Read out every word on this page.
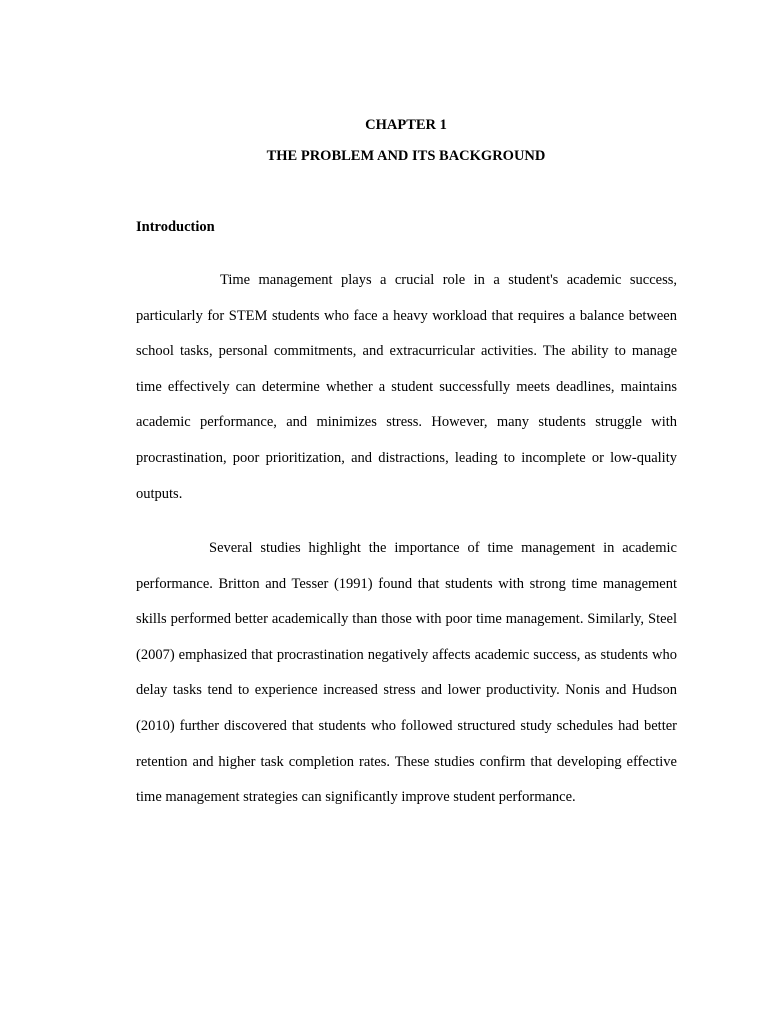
CHAPTER 1
THE PROBLEM AND ITS BACKGROUND
Introduction

Time management plays a crucial role in a student's academic success, particularly for STEM students who face a heavy workload that requires a balance between school tasks, personal commitments, and extracurricular activities. The ability to manage time effectively can determine whether a student successfully meets deadlines, maintains academic performance, and minimizes stress. However, many students struggle with procrastination, poor prioritization, and distractions, leading to incomplete or low-quality outputs.

Several studies highlight the importance of time management in academic performance. Britton and Tesser (1991) found that students with strong time management skills performed better academically than those with poor time management. Similarly, Steel (2007) emphasized that procrastination negatively affects academic success, as students who delay tasks tend to experience increased stress and lower productivity. Nonis and Hudson (2010) further discovered that students who followed structured study schedules had better retention and higher task completion rates. These studies confirm that developing effective time management strategies can significantly improve student performance.
